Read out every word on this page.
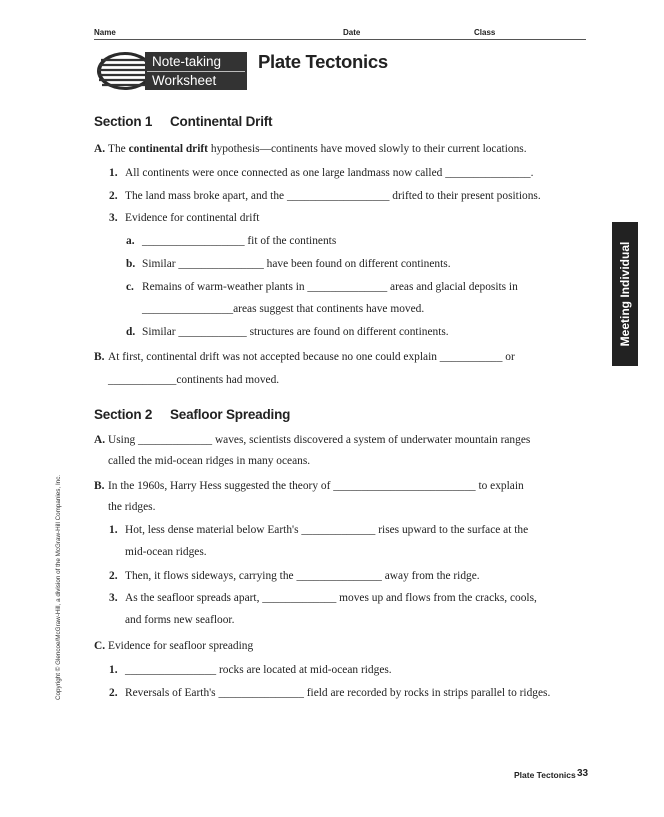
Name	Date	Class
Note-taking
Worksheet
Plate Tectonics
Section 1 Continental Drift
A. The continental drift hypothesis—continents have moved slowly to their current locations.
1. All continents were once connected as one large landmass now called _______________.
2. The land mass broke apart, and the __________________ drifted to their present positions.
3. Evidence for continental drift
a. __________________ fit of the continents
b. Similar _______________ have been found on different continents.
c. Remains of warm-weather plants in ______________ areas and glacial deposits in
________________areas suggest that continents have moved.
d. Similar ____________ structures are found on different continents.
B. At first, continental drift was not accepted because no one could explain ___________ or
____________continents had moved.
Section 2 Seafloor Spreading
A. Using _____________ waves, scientists discovered a system of underwater mountain ranges
called the mid-ocean ridges in many oceans.
B. In the 1960s, Harry Hess suggested the theory of _________________________ to explain
the ridges.
1. Hot, less dense material below Earth's _____________ rises upward to the surface at the
mid-ocean ridges.
2. Then, it flows sideways, carrying the _______________ away from the ridge.
3. As the seafloor spreads apart, _____________ moves up and flows from the cracks, cools,
and forms new seafloor.
C. Evidence for seafloor spreading
1. ________________ rocks are located at mid-ocean ridges.
2. Reversals of Earth's _______________ field are recorded by rocks in strips parallel to ridges.
Meeting Individual Needs
Copyright © Glencoe/McGraw-Hill, a division of the McGraw-Hill Companies, Inc.
Plate Tectonics 33
